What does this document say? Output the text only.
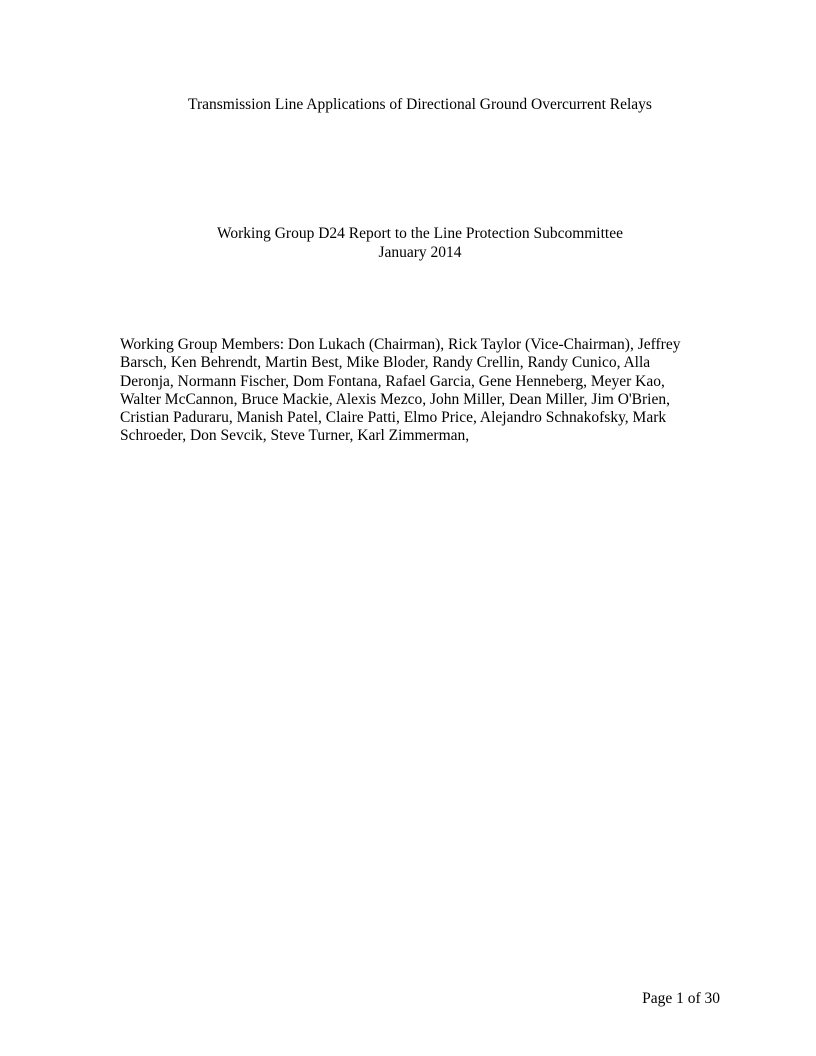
Transmission Line Applications of Directional Ground Overcurrent Relays
Working Group D24 Report to the Line Protection Subcommittee
January 2014
Working Group Members: Don Lukach (Chairman), Rick Taylor (Vice-Chairman), Jeffrey
Barsch, Ken Behrendt, Martin Best, Mike Bloder, Randy Crellin, Randy Cunico, Alla
Deronja, Normann Fischer, Dom Fontana, Rafael Garcia, Gene Henneberg, Meyer Kao,
Walter McCannon, Bruce Mackie, Alexis Mezco, John Miller, Dean Miller, Jim O'Brien,
Cristian Paduraru, Manish Patel, Claire Patti, Elmo Price, Alejandro Schnakofsky, Mark
Schroeder, Don Sevcik, Steve Turner, Karl Zimmerman,
Page 1 of 30
